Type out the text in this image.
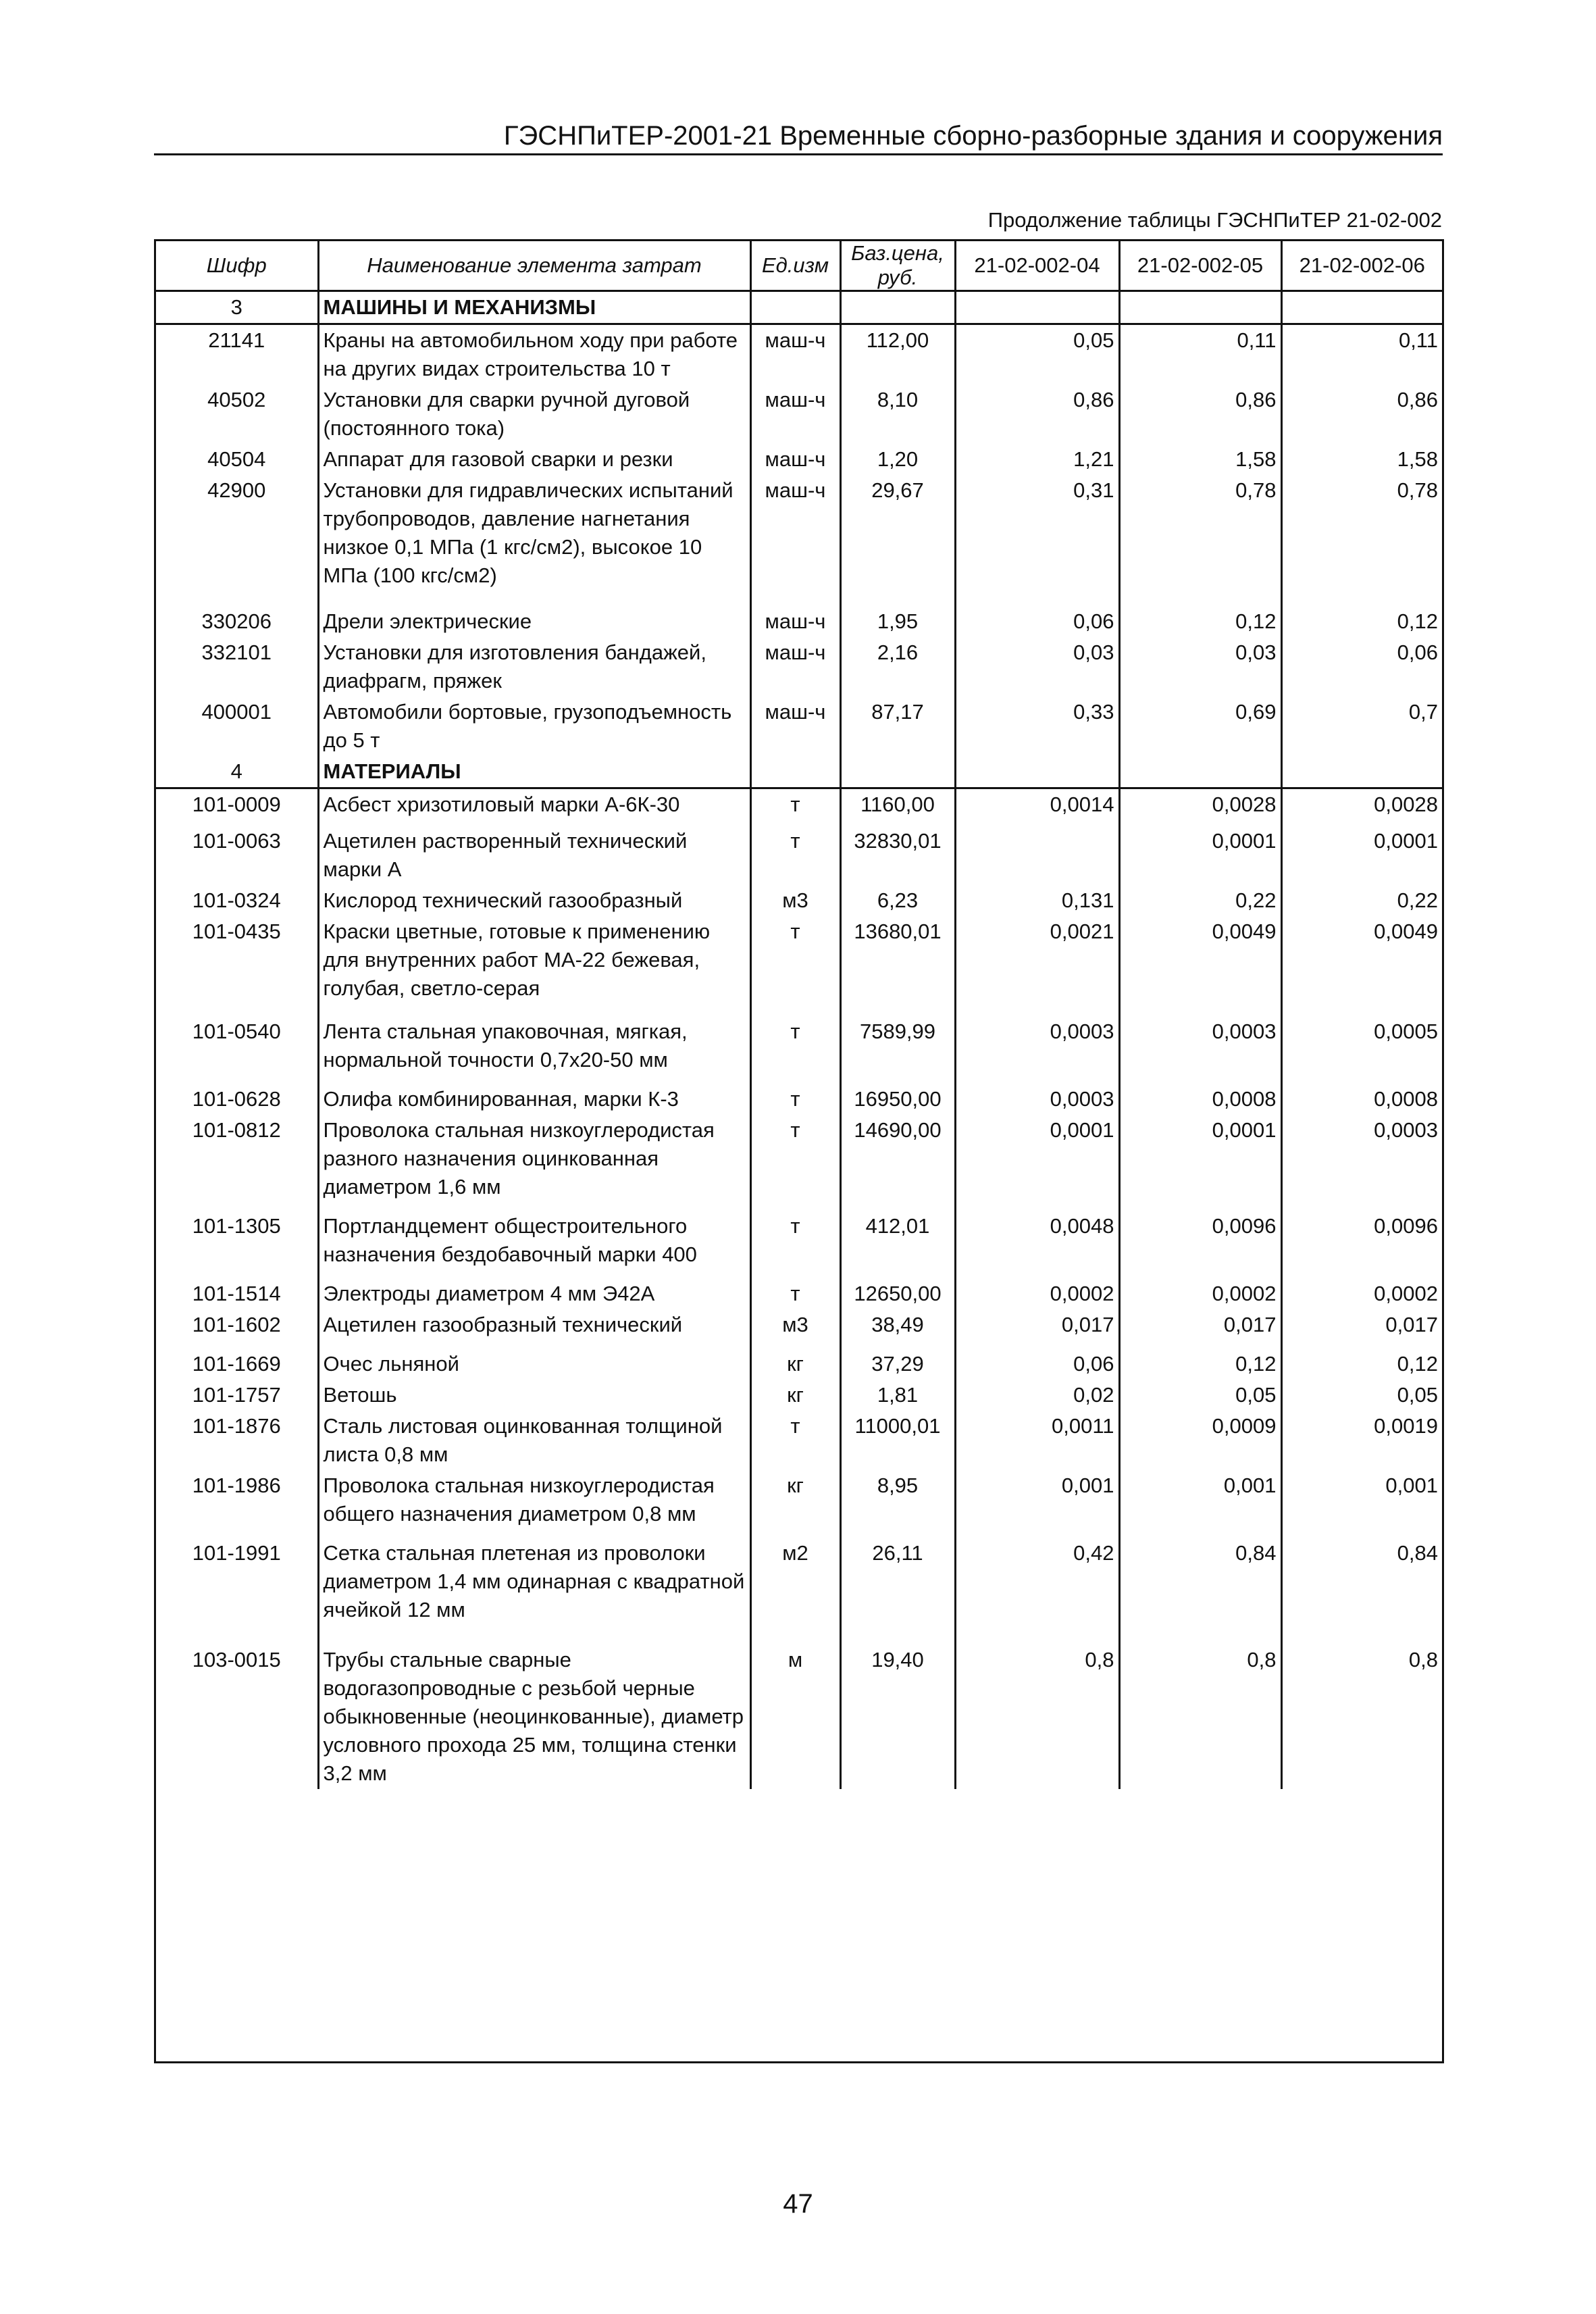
ГЭСНПиТЕР-2001-21 Временные сборно-разборные здания и сооружения
Продолжение таблицы ГЭСНПиТЕР 21-02-002
Шифр	Наименование элемента затрат	Ед.изм	Баз.цена, руб.	21-02-002-04	21-02-002-05	21-02-002-06
3	МАШИНЫ И МЕХАНИЗМЫ					
21141	Краны на автомобильном ходу при работе на других видах строительства 10 т	маш-ч	112,00	0,05	0,11	0,11
40502	Установки для сварки ручной дуговой (постоянного тока)	маш-ч	8,10	0,86	0,86	0,86
40504	Аппарат для газовой сварки и резки	маш-ч	1,20	1,21	1,58	1,58
42900	Установки для гидравлических испытаний трубопроводов, давление нагнетания низкое 0,1 МПа (1 кгс/см2), высокое 10 МПа (100 кгс/см2)	маш-ч	29,67	0,31	0,78	0,78
330206	Дрели электрические	маш-ч	1,95	0,06	0,12	0,12
332101	Установки для изготовления бандажей, диафрагм, пряжек	маш-ч	2,16	0,03	0,03	0,06
400001	Автомобили бортовые, грузоподъемность до 5 т	маш-ч	87,17	0,33	0,69	0,7
4	МАТЕРИАЛЫ					
101-0009	Асбест хризотиловый марки А-6К-30	т	1160,00	0,0014	0,0028	0,0028
101-0063	Ацетилен растворенный технический марки А	т	32830,01		0,0001	0,0001
101-0324	Кислород технический газообразный	м3	6,23	0,131	0,22	0,22
101-0435	Краски цветные, готовые к применению для внутренних работ МА-22 бежевая, голубая, светло-серая	т	13680,01	0,0021	0,0049	0,0049
101-0540	Лента стальная упаковочная, мягкая, нормальной точности 0,7х20-50 мм	т	7589,99	0,0003	0,0003	0,0005
101-0628	Олифа комбинированная, марки К-3	т	16950,00	0,0003	0,0008	0,0008
101-0812	Проволока стальная низкоуглеродистая разного назначения оцинкованная диаметром 1,6 мм	т	14690,00	0,0001	0,0001	0,0003
101-1305	Портландцемент общестроительного назначения бездобавочный марки 400	т	412,01	0,0048	0,0096	0,0096
101-1514	Электроды диаметром 4 мм Э42А	т	12650,00	0,0002	0,0002	0,0002
101-1602	Ацетилен газообразный технический	м3	38,49	0,017	0,017	0,017
101-1669	Очес льняной	кг	37,29	0,06	0,12	0,12
101-1757	Ветошь	кг	1,81	0,02	0,05	0,05
101-1876	Сталь листовая оцинкованная толщиной листа 0,8 мм	т	11000,01	0,0011	0,0009	0,0019
101-1986	Проволока стальная низкоуглеродистая общего назначения диаметром 0,8 мм	кг	8,95	0,001	0,001	0,001
101-1991	Сетка стальная плетеная из проволоки диаметром 1,4 мм одинарная с квадратной ячейкой 12 мм	м2	26,11	0,42	0,84	0,84
103-0015	Трубы стальные сварные водогазопроводные с резьбой черные обыкновенные (неоцинкованные), диаметр условного прохода 25 мм, толщина стенки 3,2 мм	м	19,40	0,8	0,8	0,8
47
